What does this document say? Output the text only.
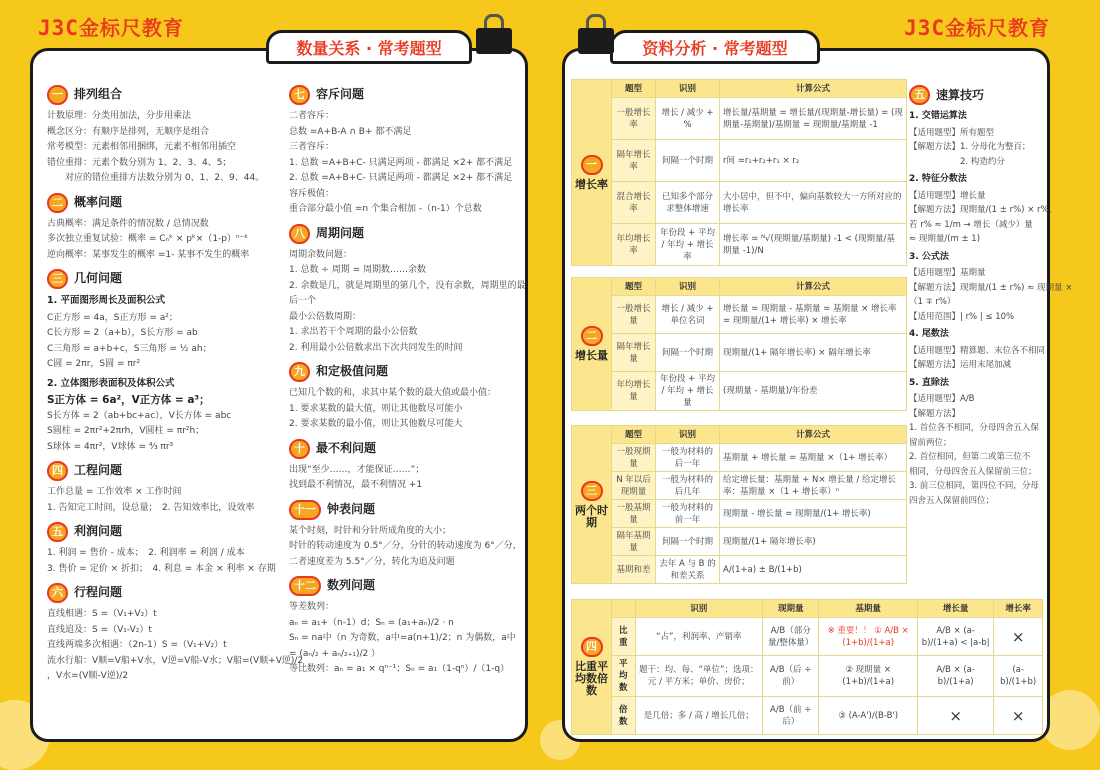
J3C金标尺教育	J3C金标尺教育
数量关系 · 常考题型	资料分析 · 常考题型
一 排列组合
计数原理：分类用加法，分步用乘法
概念区分：有顺序是排列，无顺序是组合
常考模型：元素相邻用捆绑，元素不相邻用插空
错位重排：元素个数分别为 1、2、3、4、5；
　　对应的错位重排方法数分别为 0、1、2、9、44。
二 概率问题
古典概率：满足条件的情况数 / 总情况数
多次独立重复试验：概率 = Cₙᵏ × pᵏ×（1-p）ⁿ⁻ᵏ
逆向概率：某事发生的概率 =1- 某事不发生的概率
三 几何问题
1. 平面图形周长及面积公式
C正方形 = 4a，S正方形 = a²；
C长方形 = 2（a+b），S长方形 = ab
C三角形 = a+b+c，S三角形 = ½ ah；
C圆 = 2πr，S圆 = πr²
2. 立体图形表面积及体积公式
S正方体 = 6a²，V正方体 = a³；
S长方体 = 2（ab+bc+ac），V长方体 = abc
S圆柱 = 2πr²+2πrh，V圆柱 = πr²h；
S球体 = 4πr²，V球体 = ⁴⁄₃ πr³
四 工程问题
工作总量 = 工作效率 × 工作时间
1. 告知完工时间，设总量；　2. 告知效率比，设效率
五 利润问题
1. 利润 = 售价 - 成本；　2. 利润率 = 利润 / 成本
3. 售价 = 定价 × 折扣；　4. 利息 = 本金 × 利率 × 存期
六 行程问题
直线相遇：S =（V₁+V₂）t
直线追及：S =（V₁-V₂）t
直线两端多次相遇：（2n-1）S =（V₁+V₂）t
流水行船：V顺=V船+V水，V逆=V船-V水；V船=(V顺+V逆)/2
，V水=(V顺-V逆)/2
七 容斥问题
二者容斥：
总数 =A+B-A ∩ B+ 都不满足
三者容斥：
1. 总数 =A+B+C- 只满足两项 - 都满足 ×2+ 都不满足
2. 总数 =A+B+C- 只满足两项 - 都满足 ×2+ 都不满足
容斥极值：
重合部分最小值 =n 个集合相加 -（n-1）个总数
八 周期问题
周期余数问题：
1. 总数 ÷ 周期 = 周期数……余数
2. 余数是几，就是周期里的第几个，没有余数，周期里的最
后一个
最小公倍数周期：
1. 求出若干个周期的最小公倍数
2. 利用最小公倍数求出下次共同发生的时间
九 和定极值问题
已知几个数的和，求其中某个数的最大值或最小值：
1. 要求某数的最大值，则让其他数尽可能小
2. 要求某数的最小值，则让其他数尽可能大
十 最不利问题
出现“至少……，才能保证……”；
找到最不利情况，最不利情况 +1
十一 钟表问题
某个时刻，时针和分针所成角度的大小；
时针的转动速度为 0.5°／分，分针的转动速度为 6°／分，
二者速度差为 5.5°／分，转化为追及问题
十二 数列问题
等差数列：
aₙ = a₁+（n-1）d；Sₙ = (a₁+aₙ)/2 · n
Sₙ = na中（n 为奇数，a中=a(n+1)/2；n 为偶数，a中
= (aₙ/₂ + aₙ/₂₊₁)/2 ）
等比数列：aₙ = a₁ × qⁿ⁻¹；Sₙ = a₁（1-qⁿ）/（1-q）
一
增长率	题型	识别	计算公式
	一般增长率	增长 / 减少 + %	增长量/基期量 = 增长量/(现期量-增长量) = (现期量-基期量)/基期量 = 现期量/基期量 -1
	隔年增长率	间隔一个时期	r间 =r₁+r₂+r₁ × r₂
	混合增长率	已知多个部分求整体增速	大小居中，但不中，偏向基数较大一方所对应的增长率
	年均增长率	年份段 + 平均 / 年均 + 增长率	增长率 = ᴺ√(现期量/基期量) -1 < (现期量/基期量 -1)/N
二
增长量	题型	识别	计算公式
	一般增长量	增长 / 减少 + 单位名词	增长量 = 现期量 - 基期量 = 基期量 × 增长率 = 现期量/(1+ 增长率) × 增长率
	隔年增长量	间隔一个时期	现期量/(1+ 隔年增长率) × 隔年增长率
	年均增长量	年份段 + 平均 / 年均 + 增长量	(现期量 - 基期量)/年份差
三
两个时期	题型	识别	计算公式
	一般现期量	一般为材料的后一年	基期量 + 增长量 = 基期量 ×（1+ 增长率）
	N 年以后现期量	一般为材料的后几年	给定增长量：基期量 + N× 增长量 / 给定增长率：基期量 ×（1 + 增长率）ⁿ
	一般基期量	一般为材料的前一年	现期量 - 增长量 = 现期量/(1+ 增长率)
	隔年基期量	间隔一个时期	现期量/(1+ 隔年增长率)
	基期和差	去年 A 与 B 的和差关系	A/(1+a) ± B/(1+b)
四
比重平均数倍数		识别	现期量	基期量	增长量	增长率
	比重	“占”，利润率、产销率	A/B（部分量/整体量）	※ 重要！！ ① A/B × (1+b)/(1+a)	A/B × (a-b)/(1+a) < |a-b|	×
	平均数	题干：均、每、“单位”；选项：元 / 平方米；单价、房价；	A/B（后 ÷ 前）	② 现期量 × (1+b)/(1+a)	A/B × (a-b)/(1+a)	(a-b)/(1+b)
	倍数	是几倍；多 / 高 / 增长几倍；	A/B（前 ÷ 后）	③ (A-A')/(B-B')	×	×
五 速算技巧
1. 交错运算法
【适用题型】所有题型
【解题方法】1. 分母化为整百；
　　　　　　2. 构造约分
2. 特征分数法
【适用题型】增长量
【解题方法】现期量/(1 ± r%) × r%，
若 r% ≈ 1/m → 增长（减少）量
≈ 现期量/(m ± 1)
3. 公式法
【适用题型】基期量
【解题方法】现期量/(1 ± r%) ≈ 现期量 ×
（1 ∓ r%）
【适用范围】| r% | ≤ 10%
4. 尾数法
【适用题型】精算题、末位各不相同
【解题方法】运用末尾加减
5. 直除法
【适用题型】A/B
【解题方法】
1. 首位各不相同，分母四舍五入保
留前两位；
2. 首位相同，但第二或第三位不
相同，分母四舍五入保留前三位；
3. 前三位相同，第四位不同，分母
四舍五入保留前四位；
